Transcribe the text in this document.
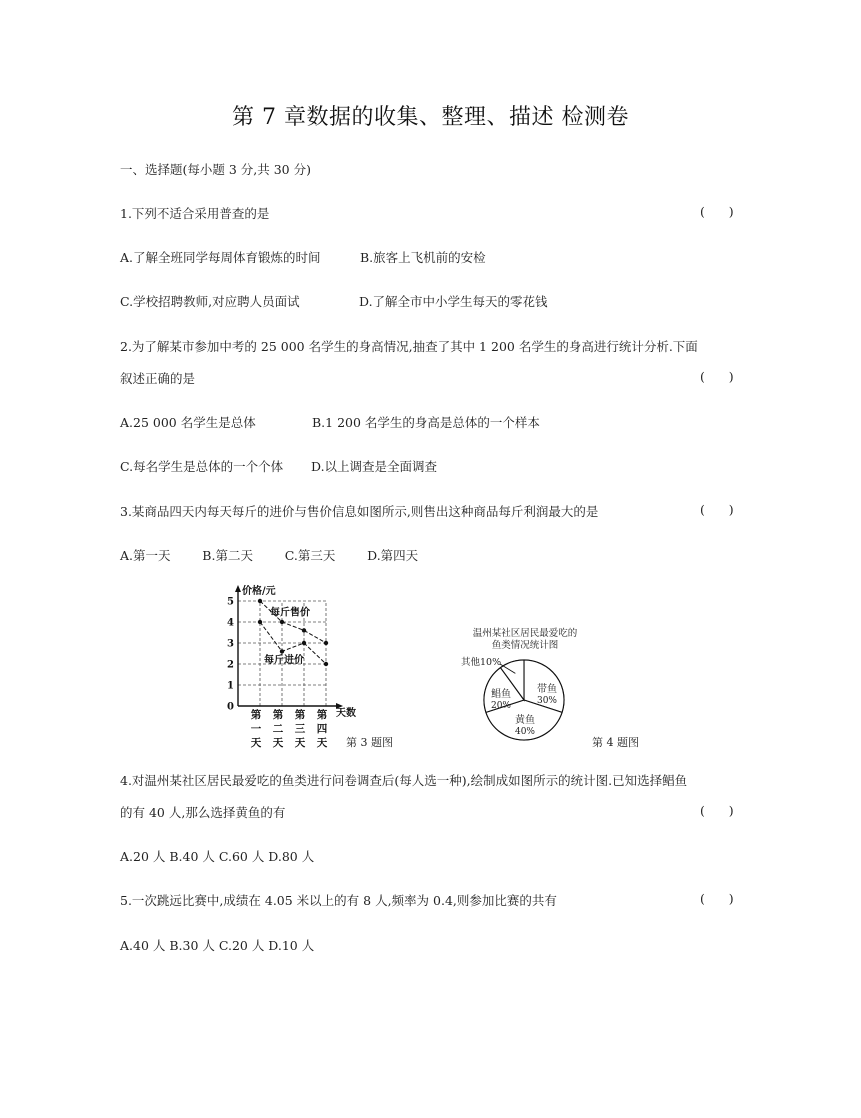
第 7 章数据的收集、整理、描述 检测卷
一、选择题(每小题 3 分,共 30 分)
1.下列不适合采用普查的是	(      )
A.了解全班同学每周体育锻炼的时间	B.旅客上飞机前的安检
C.学校招聘教师,对应聘人员面试	D.了解全市中小学生每天的零花钱
2.为了解某市参加中考的 25 000 名学生的身高情况,抽查了其中 1 200 名学生的身高进行统计分析.下面
叙述正确的是	(      )
A.25 000 名学生是总体	B.1 200 名学生的身高是总体的一个样本
C.每名学生是总体的一个个体 D.以上调查是全面调查
3.某商品四天内每天每斤的进价与售价信息如图所示,则售出这种商品每斤利润最大的是	(      )
A.第一天        B.第二天        C.第三天        D.第四天
0
1
2
3
4
5
价格/元
天数
第
一
天
第
二
天
第
三
天
第
四
天
每斤售价
每斤进价
第 3 题图
温州某社区居民最爱吃的
鱼类情况统计图
其他10%
带鱼
30%
黄鱼
40%
鲳鱼
20%
第 4 题图
4.对温州某社区居民最爱吃的鱼类进行问卷调查后(每人选一种),绘制成如图所示的统计图.已知选择鲳鱼
的有 40 人,那么选择黄鱼的有	(      )
A.20 人 B.40 人 C.60 人 D.80 人
5.一次跳远比赛中,成绩在 4.05 米以上的有 8 人,频率为 0.4,则参加比赛的共有	(      )
A.40 人 B.30 人 C.20 人 D.10 人
